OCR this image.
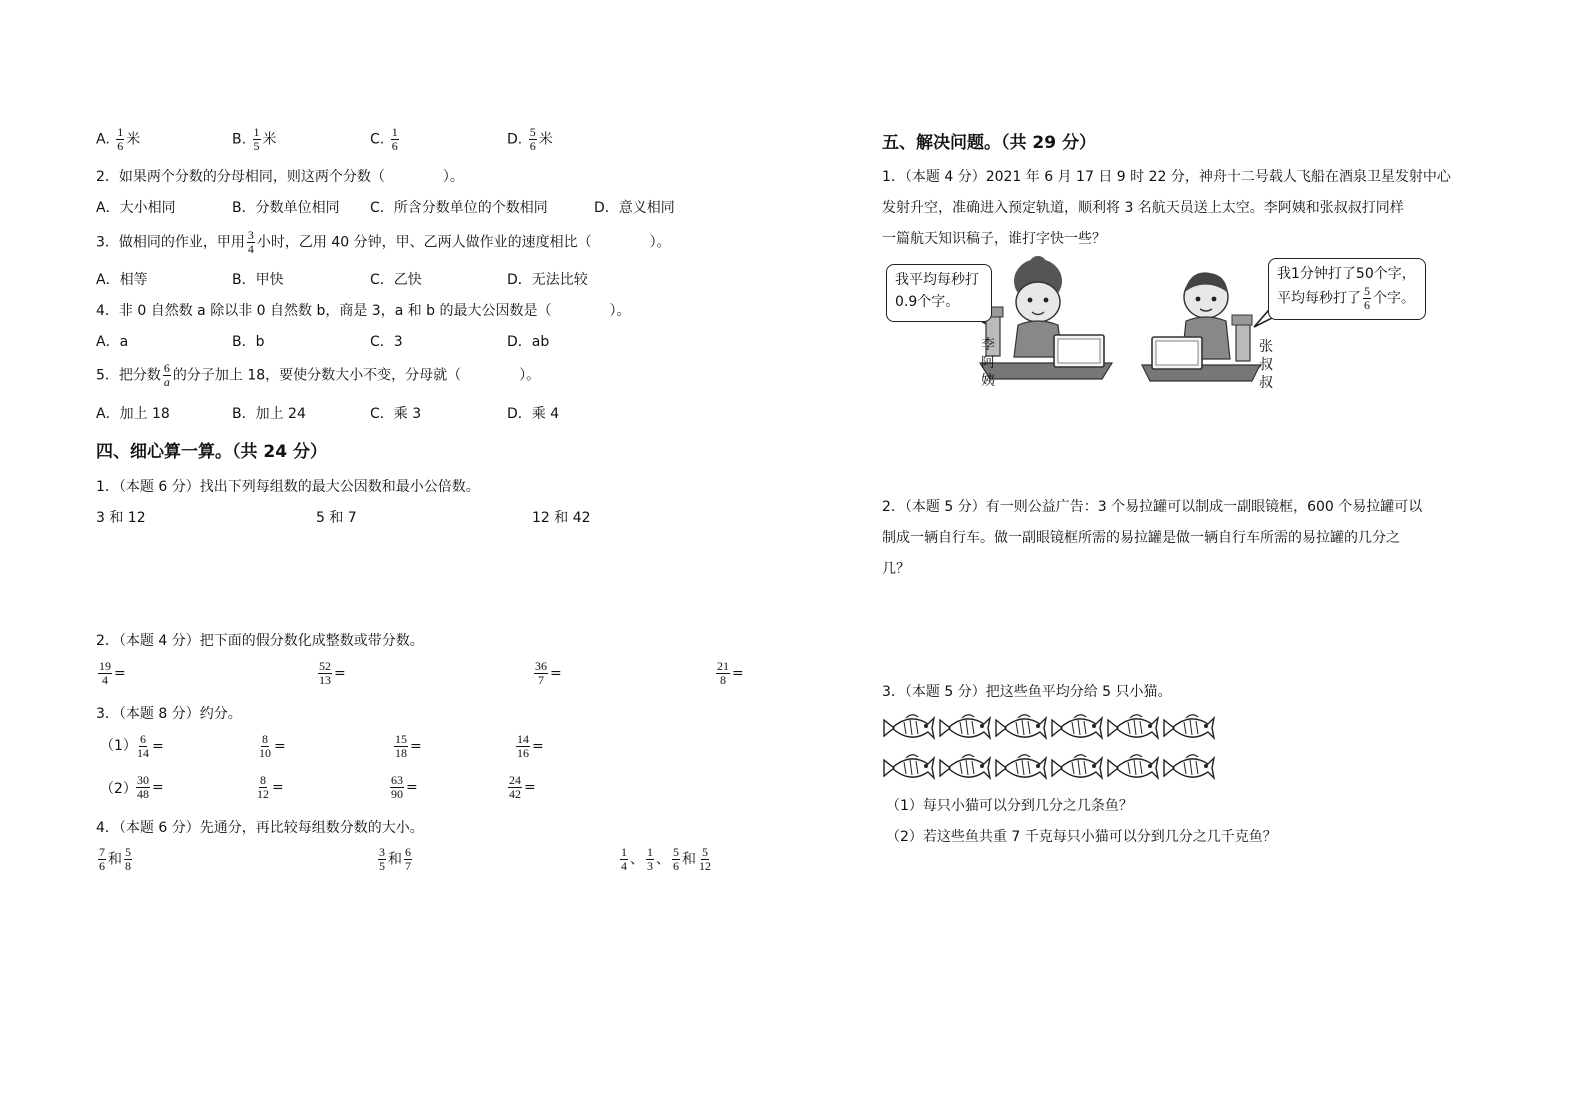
A. $\frac{1}{6}$ 米	B. $\frac{1}{5}$ 米	C. $\frac{1}{6}$	D. $\frac{5}{6}$ 米
2．如果两个分数的分母相同，则这两个分数（	）。
A．大小相同	B．分数单位相同 C．所含分数单位的个数相同	D．意义相同
3．做相同的作业，甲用 $\frac{3}{4}$ 小时，乙用 40 分钟，甲、乙两人做作业的速度相比（	）。
A．相等	B．甲快	C．乙快	D．无法比较
4．非 0 自然数 a 除以非 0 自然数 b，商是 3，a 和 b 的最大公因数是（	）。
A．a	B．b	C．3	D．ab
5．把分数 $\frac{6}{a}$ 的分子加上 18，要使分数大小不变，分母就（	）。
A．加上 18	B．加上 24	C．乘 3	D．乘 4
四、细心算一算。（共 24 分）
1．（本题 6 分）找出下列每组数的最大公因数和最小公倍数。
3 和 12	5 和 7	12 和 42
2．（本题 4 分）把下面的假分数化成整数或带分数。
$\frac{19}{4}$ =	$\frac{52}{13}$ =	$\frac{36}{7}$ =	$\frac{21}{8}$ =
3．（本题 8 分）约分。
$(1) \frac{6}{14}$ =	$\frac{8}{10}$ =	$\frac{15}{18}$ =	$\frac{14}{16}$ =
$(2) \frac{30}{48}$ =	$\frac{8}{12}$ =	$\frac{63}{90}$ =	$\frac{24}{42}$ =
4．（本题 6 分）先通分，再比较每组数分数的大小。
$\frac{7}{6}$ 和 $\frac{5}{8}$	$\frac{3}{5}$ 和 $\frac{6}{7}$	$\frac{1}{4}$ 、 $\frac{1}{3}$ 、 $\frac{5}{6}$ 和 $\frac{5}{12}$
五、解决问题。（共 29 分）
1．（本题 4 分）2021 年 6 月 17 日 9 时 22 分，神舟十二号载人飞船在酒泉卫星发射中心
发射升空，准确进入预定轨道，顺利将 3 名航天员送上太空。李阿姨和张叔叔打同样
一篇航天知识稿子，谁打字快一些？
我平均每秒打
0.9个字。
我1分钟打了50个字，
平均每秒打了 $\frac{5}{6}$ 个字。
李
阿
姨
张
叔
叔
2．（本题 5 分）有一则公益广告：3 个易拉罐可以制成一副眼镜框，600 个易拉罐可以
制成一辆自行车。做一副眼镜框所需的易拉罐是做一辆自行车所需的易拉罐的几分之
几？
3．（本题 5 分）把这些鱼平均分给 5 只小猫。
（1）每只小猫可以分到几分之几条鱼？
（2）若这些鱼共重 7 千克每只小猫可以分到几分之几千克鱼？
